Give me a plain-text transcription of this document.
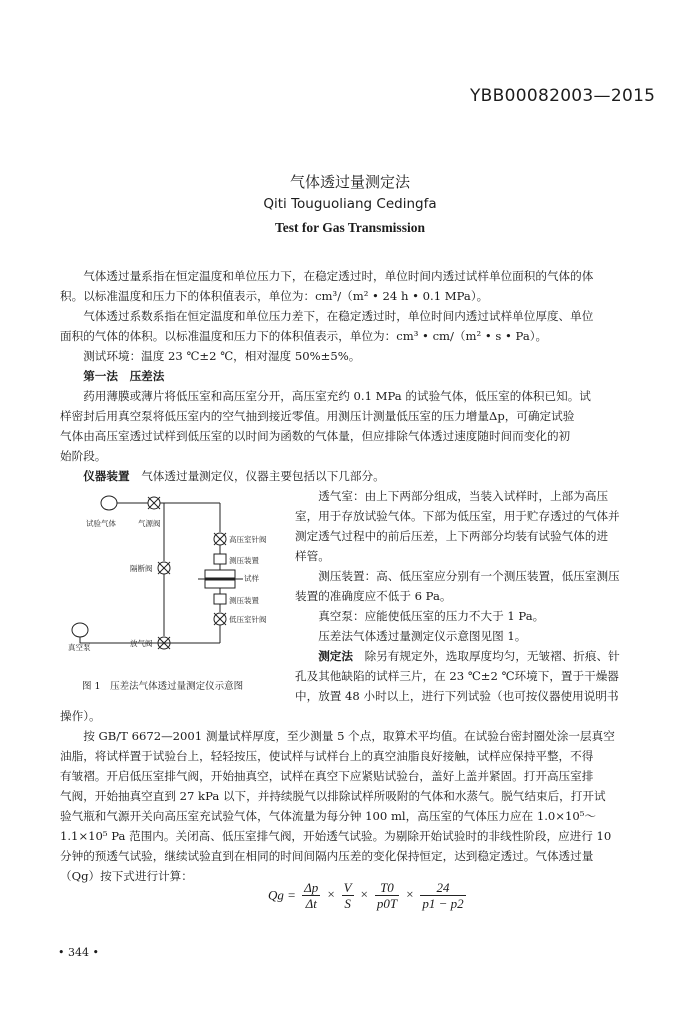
YBB00082003—2015
气体透过量测定法
Qiti Touguoliang Cedingfa
Test for Gas Transmission
气体透过量系指在恒定温度和单位压力下，在稳定透过时，单位时间内透过试样单位面积的气体的体
积。以标准温度和压力下的体积值表示，单位为：cm³/（m² • 24 h • 0.1 MPa）。
气体透过系数系指在恒定温度和单位压力差下，在稳定透过时，单位时间内透过试样单位厚度、单位
面积的气体的体积。以标准温度和压力下的体积值表示，单位为：cm³ • cm/（m² • s • Pa）。
测试环境：温度 23 ℃±2 ℃，相对湿度 50%±5%。
第一法　压差法
药用薄膜或薄片将低压室和高压室分开，高压室充约 0.1 MPa 的试验气体，低压室的体积已知。试
样密封后用真空泵将低压室内的空气抽到接近零值。用测压计测量低压室的压力增量Δp，可确定试验
气体由高压室透过试样到低压室的以时间为函数的气体量，但应排除气体透过速度随时间而变化的初
始阶段。
仪器装置　 气体透过量测定仪，仪器主要包括以下几部分。
试验气体	气源阀
高压室针阀
测压装置
试样
测压装置
低压室针阀
隔断阀
真空泵	放气阀
图 1　压差法气体透过量测定仪示意图
透气室：由上下两部分组成，当装入试样时，上部为高压
室，用于存放试验气体。下部为低压室，用于贮存透过的气体并
测定透气过程中的前后压差，上下两部分均装有试验气体的进
样管。
测压装置：高、低压室应分别有一个测压装置，低压室测压
装置的准确度应不低于 6 Pa。
真空泵：应能使低压室的压力不大于 1 Pa。
压差法气体透过量测定仪示意图见图 1。
测定法　 除另有规定外，选取厚度均匀，无皱褶、折痕、针
孔及其他缺陷的试样三片，在 23 ℃±2 ℃环境下，置于干燥器
中，放置 48 小时以上，进行下列试验（也可按仪器使用说明书
操作）。
按 GB/T 6672—2001 测量试样厚度，至少测量 5 个点，取算术平均值。在试验台密封圈处涂一层真空
油脂，将试样置于试验台上，轻轻按压，使试样与试样台上的真空油脂良好接触，试样应保持平整，不得
有皱褶。开启低压室排气阀，开始抽真空，试样在真空下应紧贴试验台，盖好上盖并紧固。打开高压室排
气阀，开始抽真空直到 27 kPa 以下，并持续脱气以排除试样所吸附的气体和水蒸气。脱气结束后，打开试
验气瓶和气源开关向高压室充试验气体，气体流量为每分钟 100 ml，高压室的气体压力应在 1.0×10⁵～
1.1×10⁵ Pa 范围内。关闭高、低压室排气阀，开始透气试验。为剔除开始试验时的非线性阶段，应进行 10
分钟的预透气试验，继续试验直到在相同的时间间隔内压差的变化保持恒定，达到稳定透过。气体透过量
（Qg）按下式进行计算：
$Qg = \frac{\Delta p}{\Delta t} \times \frac{V}{S} \times \frac{T0}{p0T} \times \frac{24}{p1 - p2}$
• 344 •
